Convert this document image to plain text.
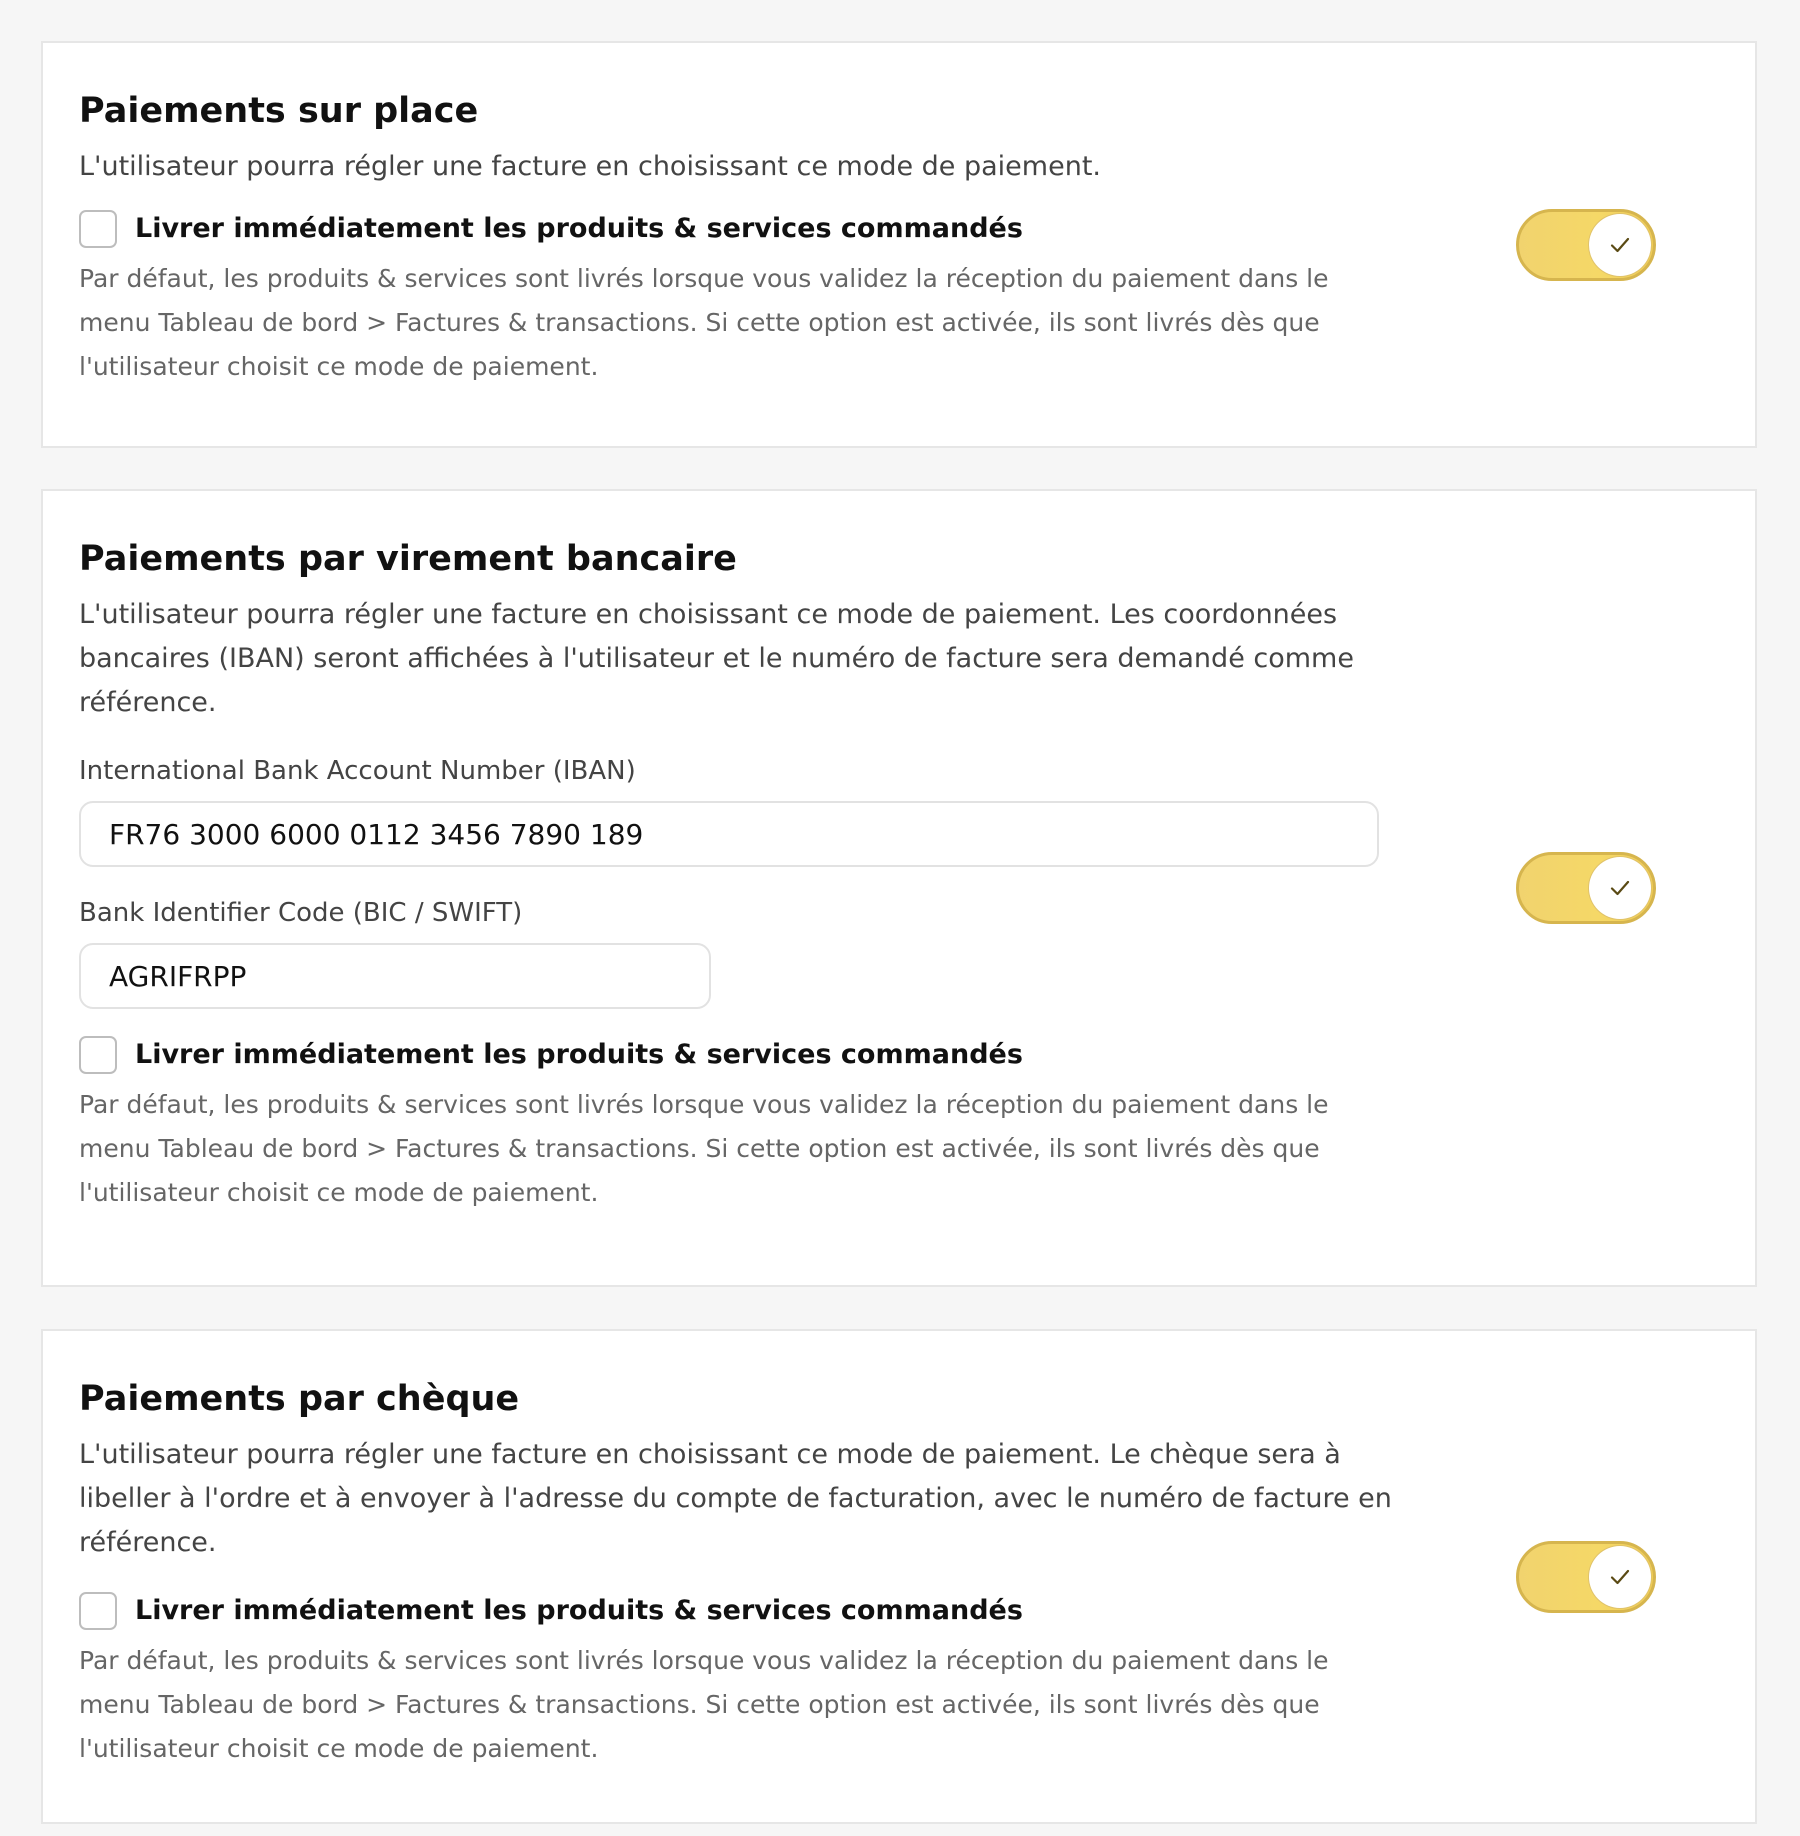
Paiements sur place

L'utilisateur pourra régler une facture en choisissant ce mode de paiement.

Livrer immédiatement les produits & services commandés

Par défaut, les produits & services sont livrés lorsque vous validez la réception du paiement dans le menu Tableau de bord > Factures & transactions. Si cette option est activée, ils sont livrés dès que l'utilisateur choisit ce mode de paiement.

Paiements par virement bancaire

L'utilisateur pourra régler une facture en choisissant ce mode de paiement. Les coordonnées bancaires (IBAN) seront affichées à l'utilisateur et le numéro de facture sera demandé comme référence.

International Bank Account Number (IBAN)
FR76 3000 6000 0112 3456 7890 189
Bank Identifier Code (BIC / SWIFT)
AGRIFRPP
Livrer immédiatement les produits & services commandés

Par défaut, les produits & services sont livrés lorsque vous validez la réception du paiement dans le menu Tableau de bord > Factures & transactions. Si cette option est activée, ils sont livrés dès que l'utilisateur choisit ce mode de paiement.

Paiements par chèque

L'utilisateur pourra régler une facture en choisissant ce mode de paiement. Le chèque sera à libeller à l'ordre et à envoyer à l'adresse du compte de facturation, avec le numéro de facture en référence.

Livrer immédiatement les produits & services commandés

Par défaut, les produits & services sont livrés lorsque vous validez la réception du paiement dans le menu Tableau de bord > Factures & transactions. Si cette option est activée, ils sont livrés dès que l'utilisateur choisit ce mode de paiement.
